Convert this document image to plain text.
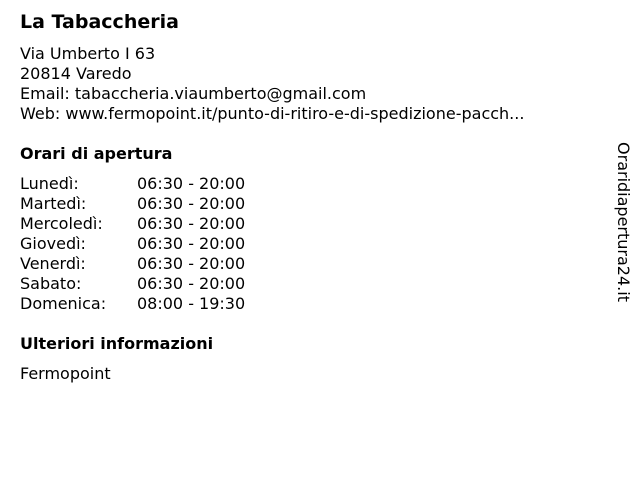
La Tabaccheria
Via Umberto I 63
20814 Varedo
Email: tabaccheria.viaumberto@gmail.com
Web: www.fermopoint.it/punto-di-ritiro-e-di-spedizione-pacch...
Orari di apertura
Lunedì:	06:30 - 20:00
Martedì:	06:30 - 20:00
Mercoledì: 06:30 - 20:00
Giovedì:	06:30 - 20:00
Venerdì:	06:30 - 20:00
Sabato:	06:30 - 20:00
Domenica: 08:00 - 19:30
Ulteriori informazioni
Fermopoint
Oraridiapertura24.it
